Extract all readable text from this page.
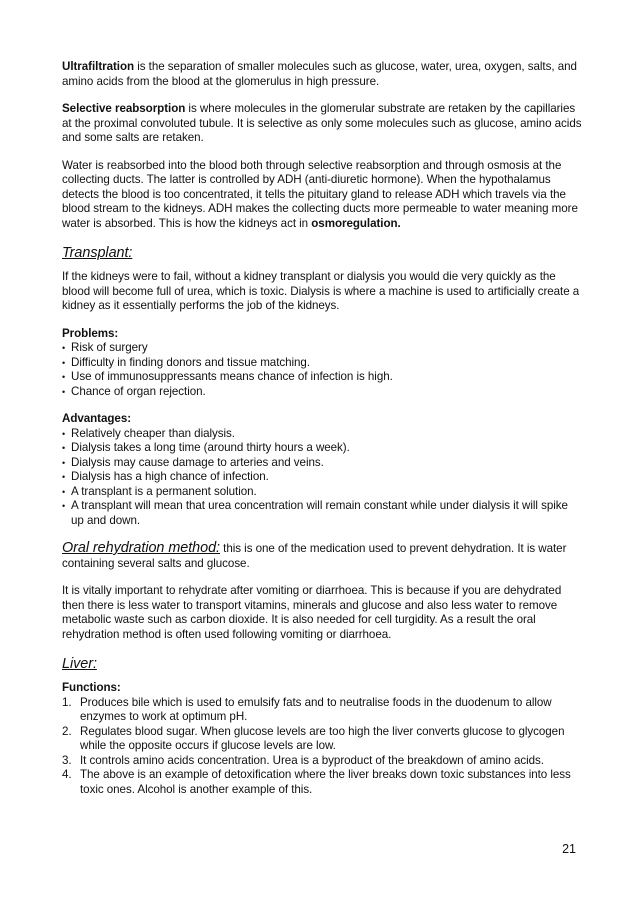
Ultrafiltration is the separation of smaller molecules such as glucose, water, urea, oxygen, salts, and amino acids from the blood at the glomerulus in high pressure.

Selective reabsorption is where molecules in the glomerular substrate are retaken by the capillaries at the proximal convoluted tubule. It is selective as only some molecules such as glucose, amino acids and some salts are retaken.

Water is reabsorbed into the blood both through selective reabsorption and through osmosis at the collecting ducts. The latter is controlled by ADH (anti-diuretic hormone). When the hypothalamus detects the blood is too concentrated, it tells the pituitary gland to release ADH which travels via the blood stream to the kidneys. ADH makes the collecting ducts more permeable to water meaning more water is absorbed. This is how the kidneys act in osmoregulation.

Transplant:

If the kidneys were to fail, without a kidney transplant or dialysis you would die very quickly as the blood will become full of urea, which is toxic. Dialysis is where a machine is used to artificially create a kidney as it essentially performs the job of the kidneys.

Problems:

• Risk of surgery
• Difficulty in finding donors and tissue matching.
• Use of immunosuppressants means chance of infection is high.
• Chance of organ rejection.

Advantages:

• Relatively cheaper than dialysis.
• Dialysis takes a long time (around thirty hours a week).
• Dialysis may cause damage to arteries and veins.
• Dialysis has a high chance of infection.
• A transplant is a permanent solution.
• A transplant will mean that urea concentration will remain constant while under dialysis it will spike up and down.

Oral rehydration method: this is one of the medication used to prevent dehydration. It is water containing several salts and glucose.

It is vitally important to rehydrate after vomiting or diarrhoea. This is because if you are dehydrated then there is less water to transport vitamins, minerals and glucose and also less water to remove metabolic waste such as carbon dioxide. It is also needed for cell turgidity. As a result the oral rehydration method is often used following vomiting or diarrhoea.

Liver:

Functions:

1. Produces bile which is used to emulsify fats and to neutralise foods in the duodenum to allow enzymes to work at optimum pH.
2. Regulates blood sugar. When glucose levels are too high the liver converts glucose to glycogen while the opposite occurs if glucose levels are low.
3. It controls amino acids concentration. Urea is a byproduct of the breakdown of amino acids.
4. The above is an example of detoxification where the liver breaks down toxic substances into less toxic ones. Alcohol is another example of this.
21
